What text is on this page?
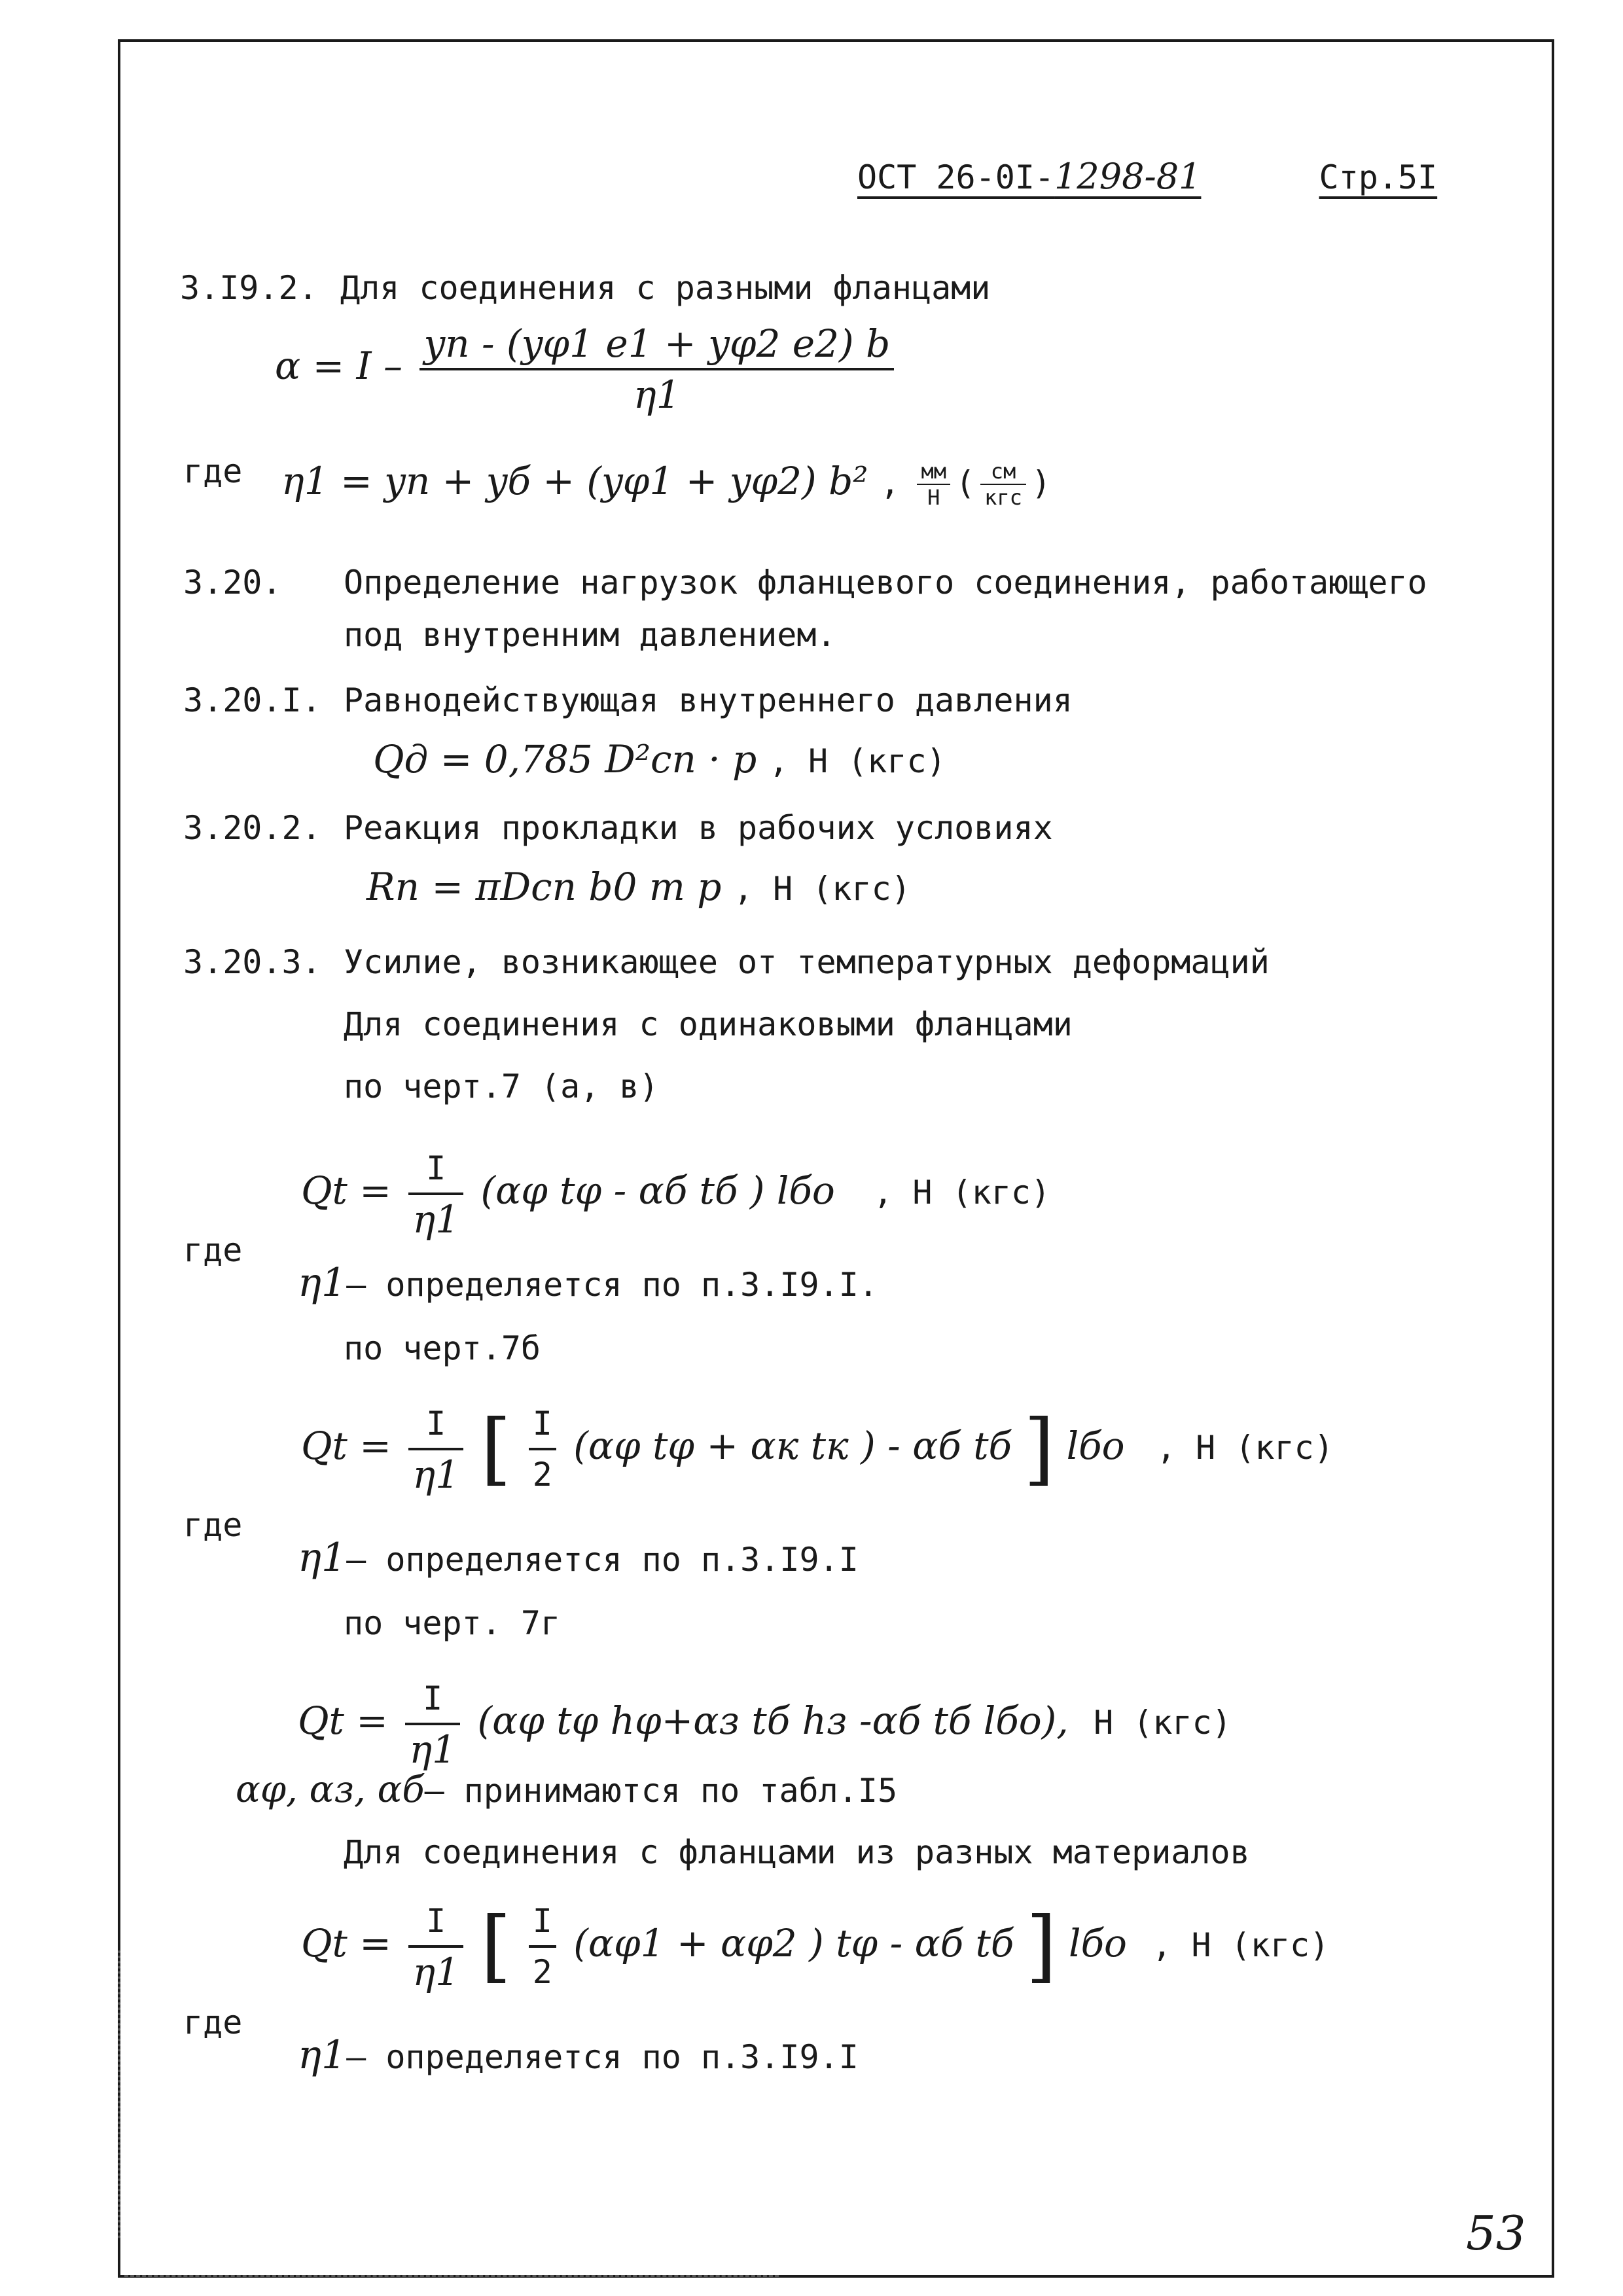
ОСТ 26-0I-1298-81	Стр.5I
3.I9.2. Для соединения с разными фланцами
$\alpha = I - \frac{yп - (y\varphi 1 e1 + y\varphi 2 e2) b}{\eta 1}$
где η1 = yп + yб + (yφ1 + yφ2) b² , $\frac{мм}{Н}$ ( $\frac{см}{\text{кгс}}$ )
3.20. Определение нагрузок фланцевого соединения, работающего
под внутренним давлением.
3.20.I. Равнодействующая внутреннего давления
Qд = 0,785 D²сп · p , Н (кгс)
3.20.2. Реакция прокладки в рабочих условиях
Rп = πDсп b0 m p , Н (кгс)
3.20.3. Усилие, возникающее от температурных деформаций
Для соединения с одинаковыми фланцами
по черт.7 (а, в)
$Qt = \frac{I}{\eta 1} (\alpha\varphi$ tφ - αб tб ) lбо , Н (кгс)
где
η1– определяется по п.3.I9.I.
по черт.7б
$Qt = \frac{I}{\eta 1}$ [ $\frac{I}{2} (\alpha\varphi$ tφ + αк tк ) - αб tб ] lбо , Н (кгс)
где
η1– определяется по п.3.I9.I
по черт. 7г
$Qt = \frac{I}{\eta 1} (\alpha\varphi$ tφ hφ+αз tб hз -αб tб lбо), Н (кгс)
αφ, αз, αб– принимаются по табл.I5
Для соединения с фланцами из разных материалов
$Qt = \frac{I}{\eta 1}$ [ $\frac{I}{2} (\alpha\varphi 1 + \alpha\varphi 2$ ) tφ - αб tб ] lбо , Н (кгс)
где
η1– определяется по п.3.I9.I
53
